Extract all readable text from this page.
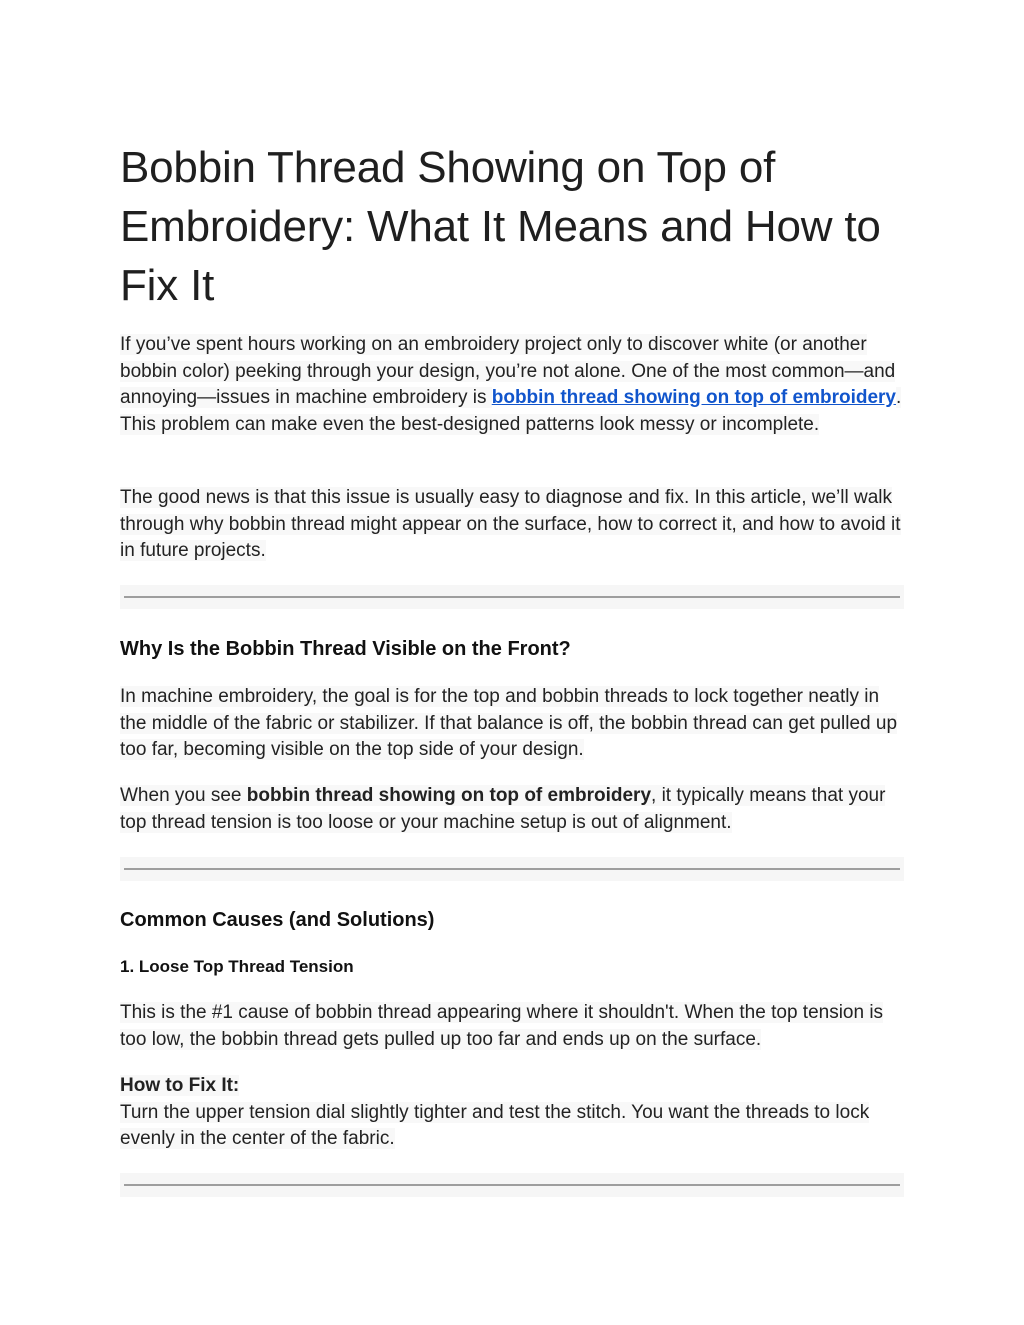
Bobbin Thread Showing on Top of Embroidery: What It Means and How to Fix It

If you’ve spent hours working on an embroidery project only to discover white (or another bobbin color) peeking through your design, you’re not alone. One of the most common—and annoying—issues in machine embroidery is bobbin thread showing on top of embroidery. This problem can make even the best-designed patterns look messy or incomplete.

The good news is that this issue is usually easy to diagnose and fix. In this article, we’ll walk through why bobbin thread might appear on the surface, how to correct it, and how to avoid it in future projects.

Why Is the Bobbin Thread Visible on the Front?

In machine embroidery, the goal is for the top and bobbin threads to lock together neatly in the middle of the fabric or stabilizer. If that balance is off, the bobbin thread can get pulled up too far, becoming visible on the top side of your design.

When you see bobbin thread showing on top of embroidery, it typically means that your top thread tension is too loose or your machine setup is out of alignment.

Common Causes (and Solutions)
1. Loose Top Thread Tension

This is the #1 cause of bobbin thread appearing where it shouldn't. When the top tension is too low, the bobbin thread gets pulled up too far and ends up on the surface.

How to Fix It:
Turn the upper tension dial slightly tighter and test the stitch. You want the threads to lock evenly in the center of the fabric.
